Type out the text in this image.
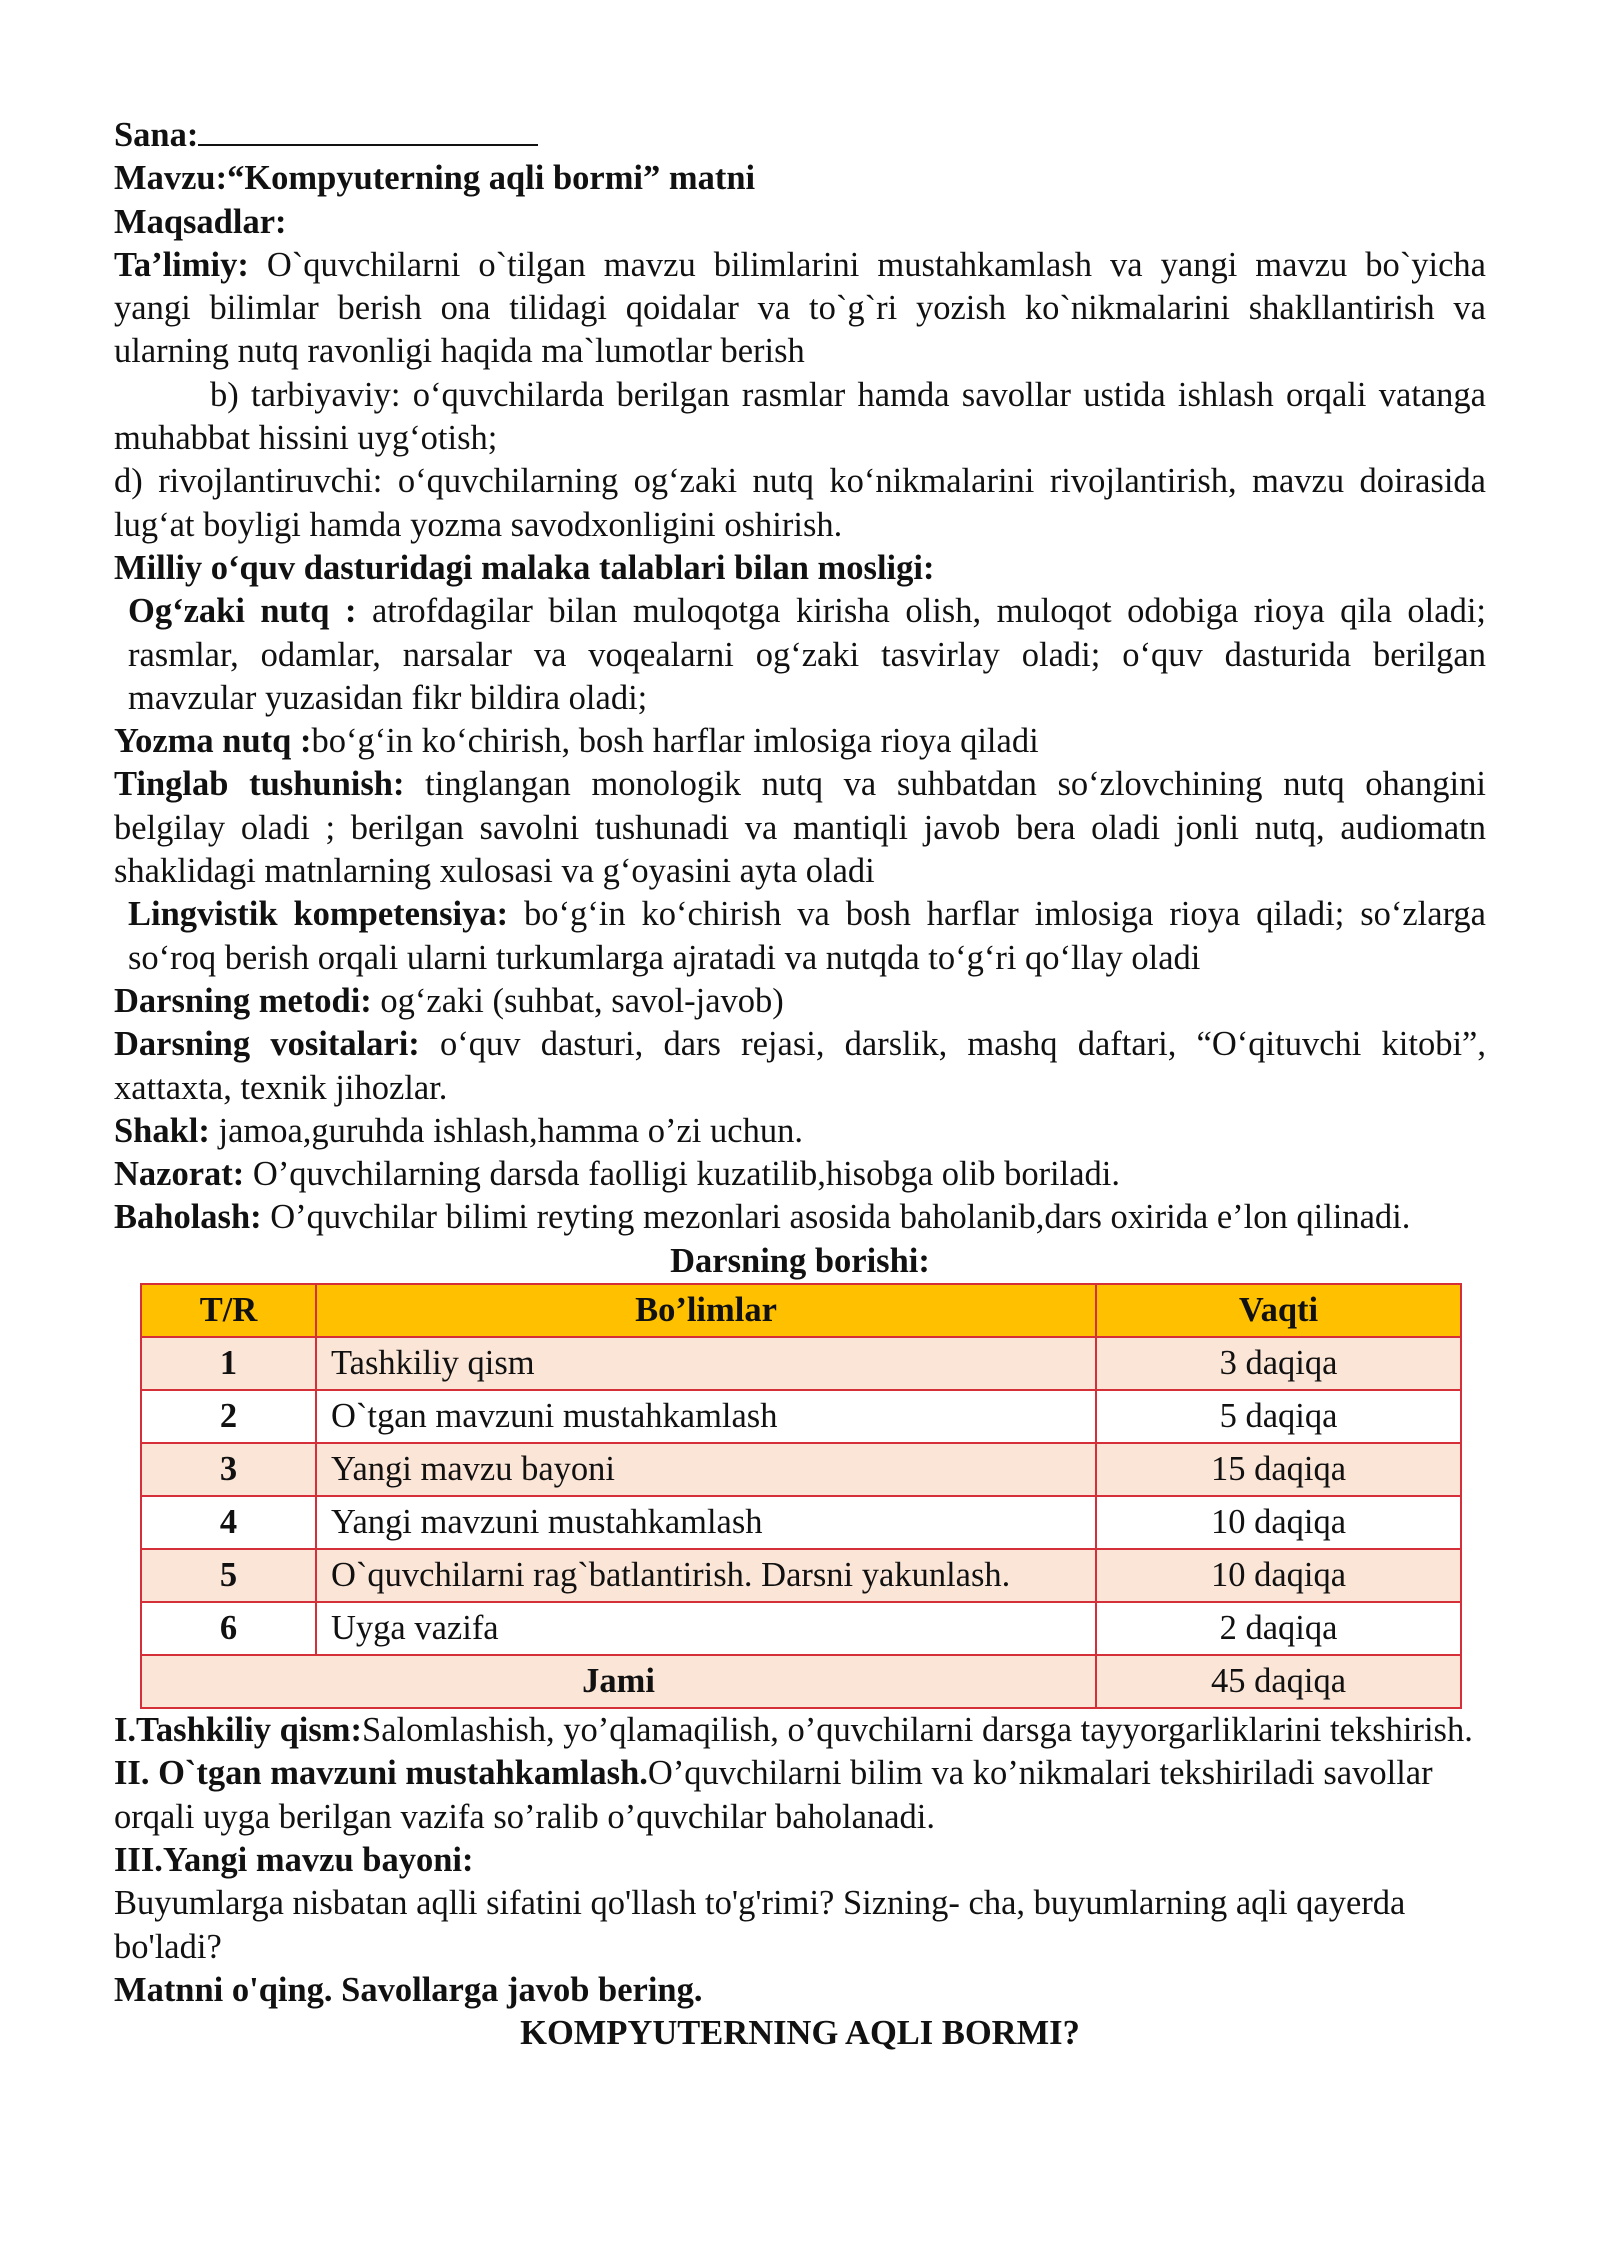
Sana:

Mavzu:“Kompyuterning aqli bormi” matni

Maqsadlar:

Ta’limiy: O`quvchilarni o`tilgan mavzu bilimlarini mustahkamlash va yangi mavzu bo`yicha yangi bilimlar berish ona tilidagi qoidalar va to`g`ri yozish ko`nikmalarini shakllantirish va ularning nutq ravonligi haqida ma`lumotlar berish

b) tarbiyaviy: o‘quvchilarda berilgan rasmlar hamda savollar ustida ishlash orqali vatanga muhabbat hissini uyg‘otish;

d) rivojlantiruvchi: o‘quvchilarning og‘zaki nutq ko‘nikmalarini rivojlantirish, mavzu doirasida lug‘at boyligi hamda yozma savodxonligini oshirish.

Milliy o‘quv dasturidagi malaka talablari bilan mosligi:

Og‘zaki nutq : atrofdagilar bilan muloqotga kirisha olish, muloqot odobiga rioya qila oladi; rasmlar, odamlar, narsalar va voqealarni og‘zaki tasvirlay oladi; o‘quv dasturida berilgan mavzular yuzasidan fikr bildira oladi;

Yozma nutq :bo‘g‘in ko‘chirish, bosh harflar imlosiga rioya qiladi

Tinglab tushunish: tinglangan monologik nutq va suhbatdan so‘zlovchining nutq ohangini belgilay oladi ; berilgan savolni tushunadi va mantiqli javob bera oladi jonli nutq, audiomatn shaklidagi matnlarning xulosasi va g‘oyasini ayta oladi

Lingvistik kompetensiya: bo‘g‘in ko‘chirish va bosh harflar imlosiga rioya qiladi; so‘zlarga so‘roq berish orqali ularni turkumlarga ajratadi va nutqda to‘g‘ri qo‘llay oladi

Darsning metodi: og‘zaki (suhbat, savol-javob)

Darsning vositalari: o‘quv dasturi, dars rejasi, darslik, mashq daftari, “O‘qituvchi kitobi”, xattaxta, texnik jihozlar.

Shakl: jamoa,guruhda ishlash,hamma o’zi uchun.

Nazorat: O’quvchilarning darsda faolligi kuzatilib,hisobga olib boriladi.

Baholash: O’quvchilar bilimi reyting mezonlari asosida baholanib,dars oxirida e’lon qilinadi.

Darsning borishi:

T/R	Bo’limlar	Vaqti
1	Tashkiliy qism	3 daqiqa
2	O`tgan mavzuni mustahkamlash	5 daqiqa
3	Yangi mavzu bayoni	15 daqiqa
4	Yangi mavzuni mustahkamlash	10 daqiqa
5	O`quvchilarni rag`batlantirish. Darsni yakunlash.	10 daqiqa
6	Uyga vazifa	2 daqiqa
Jami		45 daqiqa

I.Tashkiliy qism:Salomlashish, yo’qlamaqilish, o’quvchilarni darsga tayyorgarliklarini tekshirish.

II. O`tgan mavzuni mustahkamlash.O’quvchilarni bilim va ko’nikmalari tekshiriladi savollar orqali uyga berilgan vazifa so’ralib o’quvchilar baholanadi.

III.Yangi mavzu bayoni:

Buyumlarga nisbatan aqlli sifatini qo'llash to'g'rimi? Sizning- cha, buyumlarning aqli qayerda bo'ladi?

Matnni o'qing. Savollarga javob bering.

KOMPYUTERNING AQLI BORMI?
